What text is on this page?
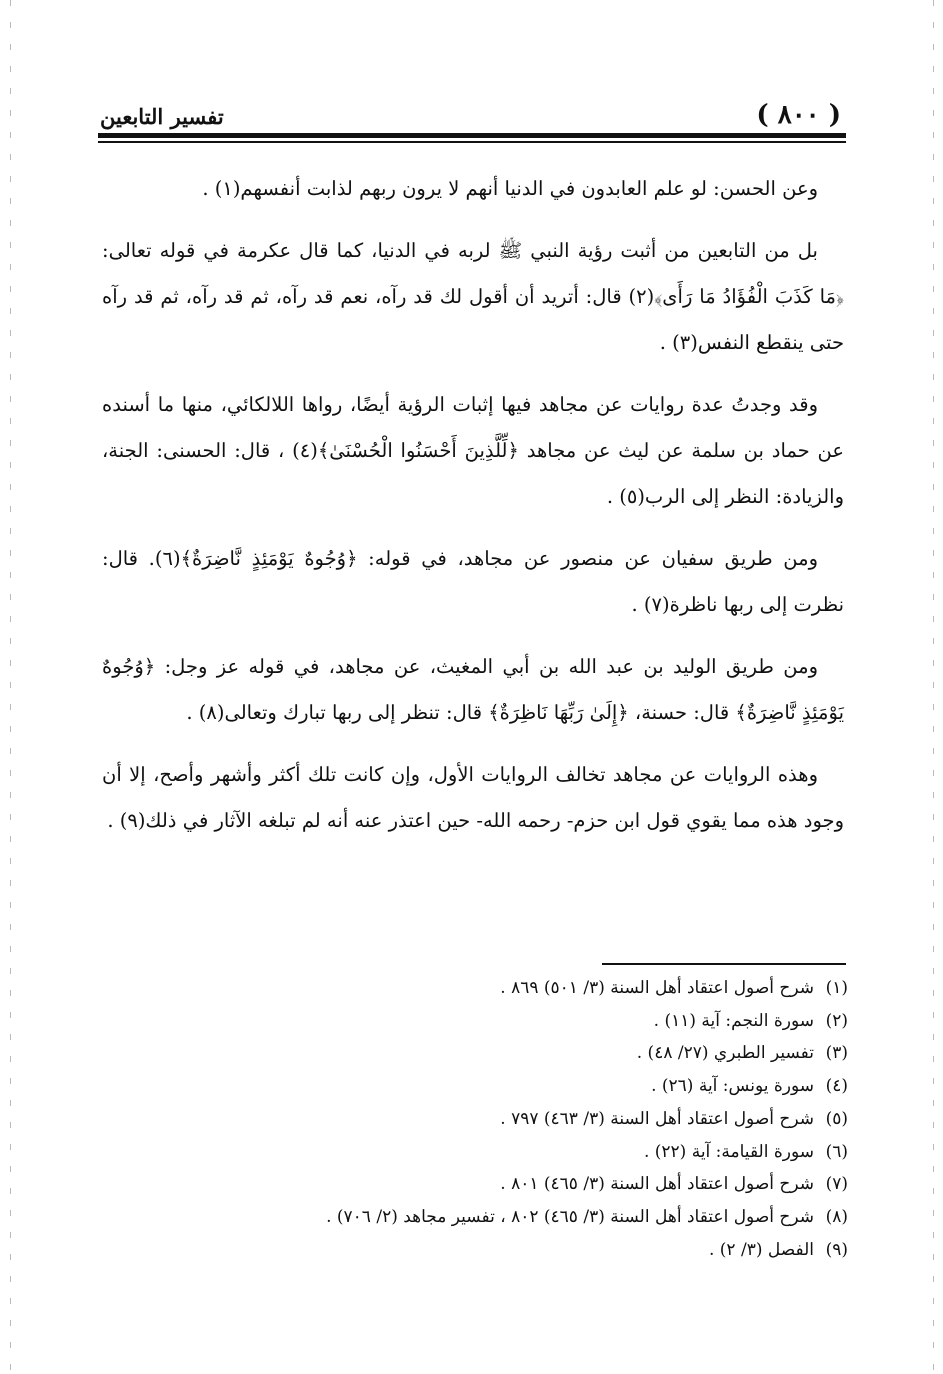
( ٨٠٠ )
تفسير التابعين

وعن الحسن: لو علم العابدون في الدنيا أنهم لا يرون ربهم لذابت أنفسهم(١) .

بل من التابعين من أثبت رؤية النبي ﷺ لربه في الدنيا، كما قال عكرمة في قوله تعالى: ﴿مَا كَذَبَ الْفُؤَادُ مَا رَأَى﴾(٢) قال: أتريد أن أقول لك قد رآه، نعم قد رآه، ثم قد رآه، ثم قد رآه حتى ينقطع النفس(٣) .

وقد وجدتُ عدة روايات عن مجاهد فيها إثبات الرؤية أيضًا، رواها اللالكائي، منها ما أسنده عن حماد بن سلمة عن ليث عن مجاهد ﴿لِّلَّذِينَ أَحْسَنُوا الْحُسْنَىٰ﴾(٤) ، قال: الحسنى: الجنة، والزيادة: النظر إلى الرب(٥) .

ومن طريق سفيان عن منصور عن مجاهد، في قوله: ﴿وُجُوهٌ يَوْمَئِذٍ نَّاضِرَةٌ﴾(٦). قال: نظرت إلى ربها ناظرة(٧) .

ومن طريق الوليد بن عبد الله بن أبي المغيث، عن مجاهد، في قوله عز وجل: ﴿وُجُوهٌ يَوْمَئِذٍ نَّاضِرَةٌ﴾ قال: حسنة، ﴿إِلَىٰ رَبِّهَا نَاظِرَةٌ﴾ قال: تنظر إلى ربها تبارك وتعالى(٨) .

وهذه الروايات عن مجاهد تخالف الروايات الأول، وإن كانت تلك أكثر وأشهر وأصح، إلا أن وجود هذه مما يقوي قول ابن حزم- رحمه الله- حين اعتذر عنه أنه لم تبلغه الآثار في ذلك(٩) .

(١)شرح أصول اعتقاد أهل السنة (٣/ ٥٠١) ٨٦٩ .
(٢)سورة النجم: آية (١١) .
(٣)تفسير الطبري (٢٧/ ٤٨) .
(٤)سورة يونس: آية (٢٦) .
(٥)شرح أصول اعتقاد أهل السنة (٣/ ٤٦٣) ٧٩٧ .
(٦)سورة القيامة: آية (٢٢) .
(٧)شرح أصول اعتقاد أهل السنة (٣/ ٤٦٥) ٨٠١ .
(٨)شرح أصول اعتقاد أهل السنة (٣/ ٤٦٥) ٨٠٢ ، تفسير مجاهد (٢/ ٧٠٦) .
(٩)الفصل (٣/ ٢) .
